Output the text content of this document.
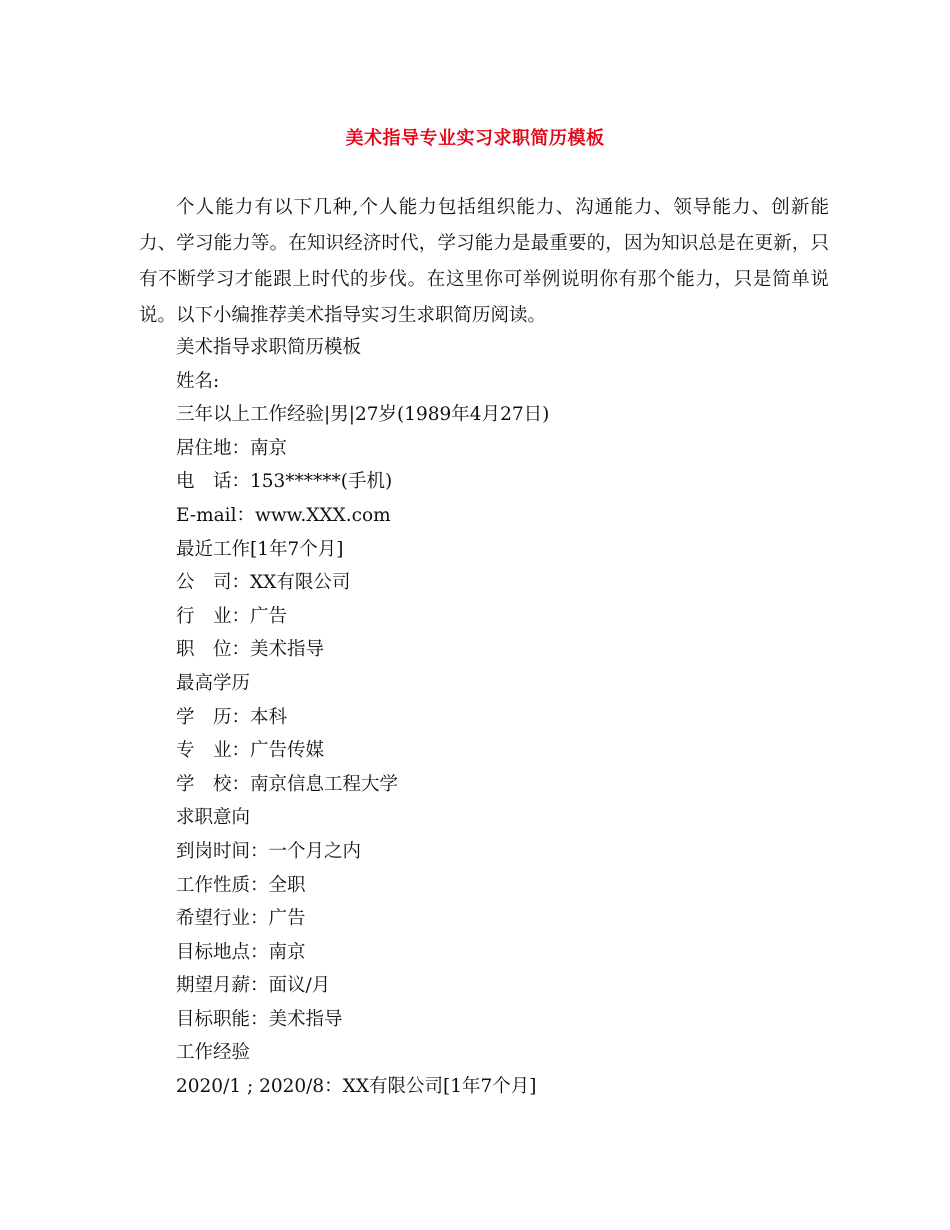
美术指导专业实习求职简历模板

个人能力有以下几种,个人能力包括组织能力、沟通能力、领导能力、创新能力、学习能力等。在知识经济时代，学习能力是最重要的，因为知识总是在更新，只有不断学习才能跟上时代的步伐。在这里你可举例说明你有那个能力，只是简单说说。以下小编推荐美术指导实习生求职简历阅读。

美术指导求职简历模板
姓名:
三年以上工作经验|男|27岁(1989年4月27日)
居住地：南京
电　话：153******(手机)
E-mail：www.XXX.com
最近工作[1年7个月]
公　司：XX有限公司
行　业：广告
职　位：美术指导
最高学历
学　历：本科
专　业：广告传媒
学　校：南京信息工程大学
求职意向
到岗时间：一个月之内
工作性质：全职
希望行业：广告
目标地点：南京
期望月薪：面议/月
目标职能：美术指导
工作经验
2020/1 ; 2020/8：XX有限公司[1年7个月]
